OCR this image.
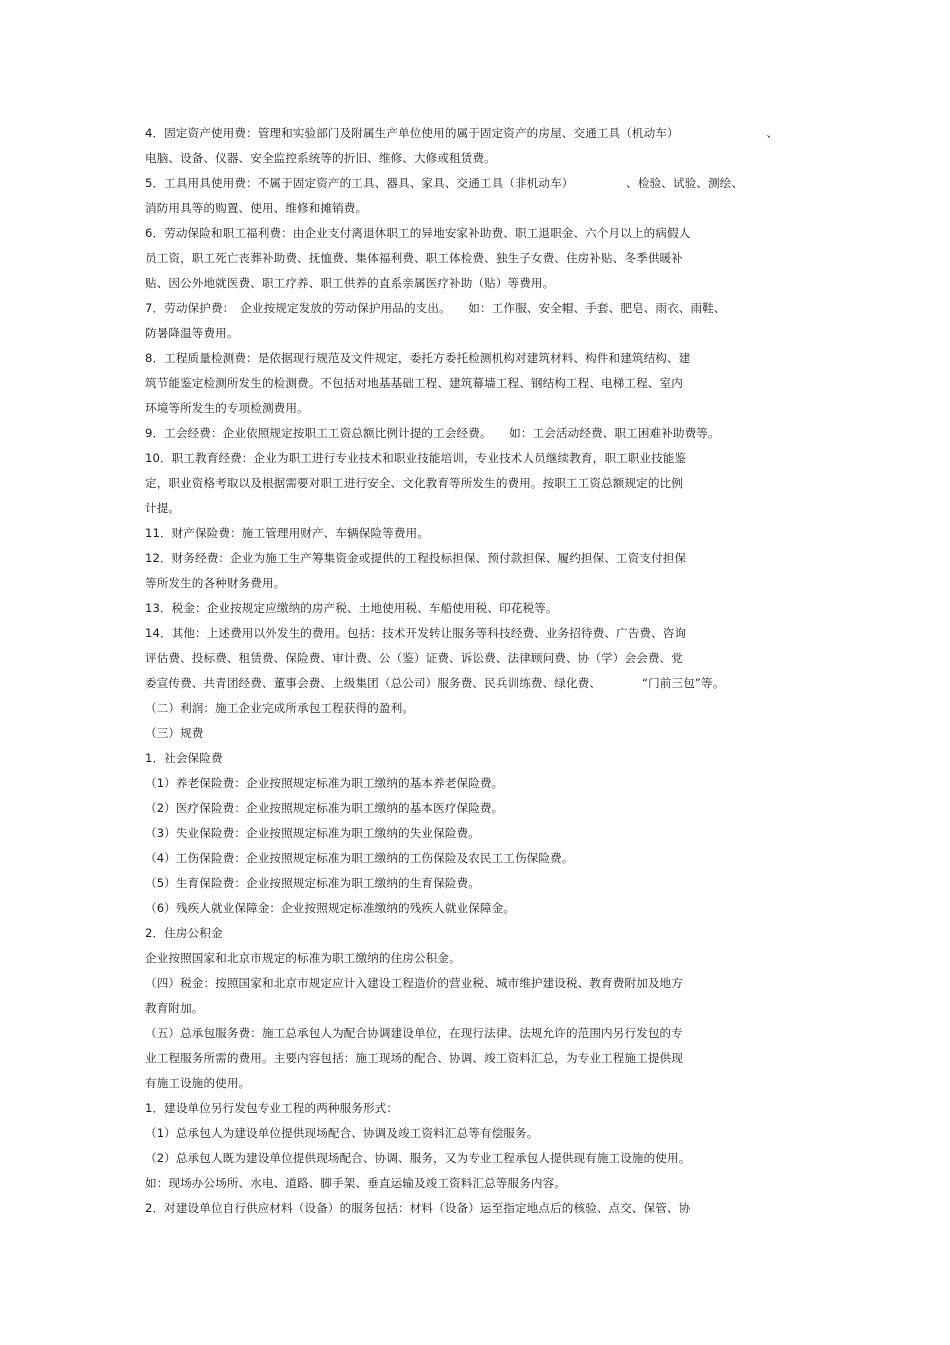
4．固定资产使用费：管理和实验部门及附属生产单位使用的属于固定资产的房屋、交通工具（机动车）　　　　　　　　、
电脑、设备、仪器、安全监控系统等的折旧、维修、大修或租赁费。
5．工具用具使用费：不属于固定资产的工具、器具、家具、交通工具（非机动车）　　　　　、检验、试验、测绘、
消防用具等的购置、使用、维修和摊销费。
6．劳动保险和职工福利费：由企业支付离退休职工的异地安家补助费、职工退职金、六个月以上的病假人
员工资，职工死亡丧葬补助费、抚恤费、集体福利费、职工体检费、独生子女费、住房补贴、冬季供暖补
贴、因公外地就医费、职工疗养、职工供养的直系亲属医疗补助（贴）等费用。
7．劳动保护费：　企业按规定发放的劳动保护用品的支出。　　如：工作服、安全帽、手套、肥皂、雨衣、雨鞋、
防暑降温等费用。
8．工程质量检测费：是依据现行规范及文件规定，委托方委托检测机构对建筑材料、构件和建筑结构、建
筑节能鉴定检测所发生的检测费。不包括对地基基础工程、建筑幕墙工程、钢结构工程、电梯工程、室内
环境等所发生的专项检测费用。
9．工会经费：企业依照规定按职工工资总额比例计提的工会经费。　　如：工会活动经费、职工困难补助费等。
10．职工教育经费：企业为职工进行专业技术和职业技能培训，专业技术人员继续教育，职工职业技能鉴
定，职业资格考取以及根据需要对职工进行安全、文化教育等所发生的费用。按职工工资总额规定的比例
计提。
11．财产保险费：施工管理用财产、车辆保险等费用。
12．财务经费：企业为施工生产筹集资金或提供的工程投标担保、预付款担保、履约担保、工资支付担保
等所发生的各种财务费用。
13．税金：企业按规定应缴纳的房产税、土地使用税、车船使用税、印花税等。
14．其他：上述费用以外发生的费用。包括：技术开发转让服务等科技经费、业务招待费、广告费、咨询
评估费、投标费、租赁费、保险费、审计费、公（鉴）证费、诉讼费、法律顾问费、协（学）会会费、党
委宣传费、共青团经费、董事会费、上级集团（总公司）服务费、民兵训练费、绿化费、　　　　“门前三包”等。
（二）利润：施工企业完成所承包工程获得的盈利。
（三）规费
1．社会保险费
（1）养老保险费：企业按照规定标准为职工缴纳的基本养老保险费。
（2）医疗保险费：企业按照规定标准为职工缴纳的基本医疗保险费。
（3）失业保险费：企业按照规定标准为职工缴纳的失业保险费。
（4）工伤保险费：企业按照规定标准为职工缴纳的工伤保险及农民工工伤保险费。
（5）生育保险费：企业按照规定标准为职工缴纳的生育保险费。
（6）残疾人就业保障金：企业按照规定标准缴纳的残疾人就业保障金。
2．住房公积金
企业按照国家和北京市规定的标准为职工缴纳的住房公积金。
（四）税金：按照国家和北京市规定应计入建设工程造价的营业税、城市维护建设税、教育费附加及地方
教育附加。
（五）总承包服务费：施工总承包人为配合协调建设单位，在现行法律、法规允许的范围内另行发包的专
业工程服务所需的费用。主要内容包括：施工现场的配合、协调、竣工资料汇总，为专业工程施工提供现
有施工设施的使用。
1．建设单位另行发包专业工程的两种服务形式：
（1）总承包人为建设单位提供现场配合、协调及竣工资料汇总等有偿服务。
（2）总承包人既为建设单位提供现场配合、协调、服务，又为专业工程承包人提供现有施工设施的使用。
如：现场办公场所、水电、道路、脚手架、垂直运输及竣工资料汇总等服务内容。
2．对建设单位自行供应材料（设备）的服务包括：材料（设备）运至指定地点后的核验、点交、保管、协
